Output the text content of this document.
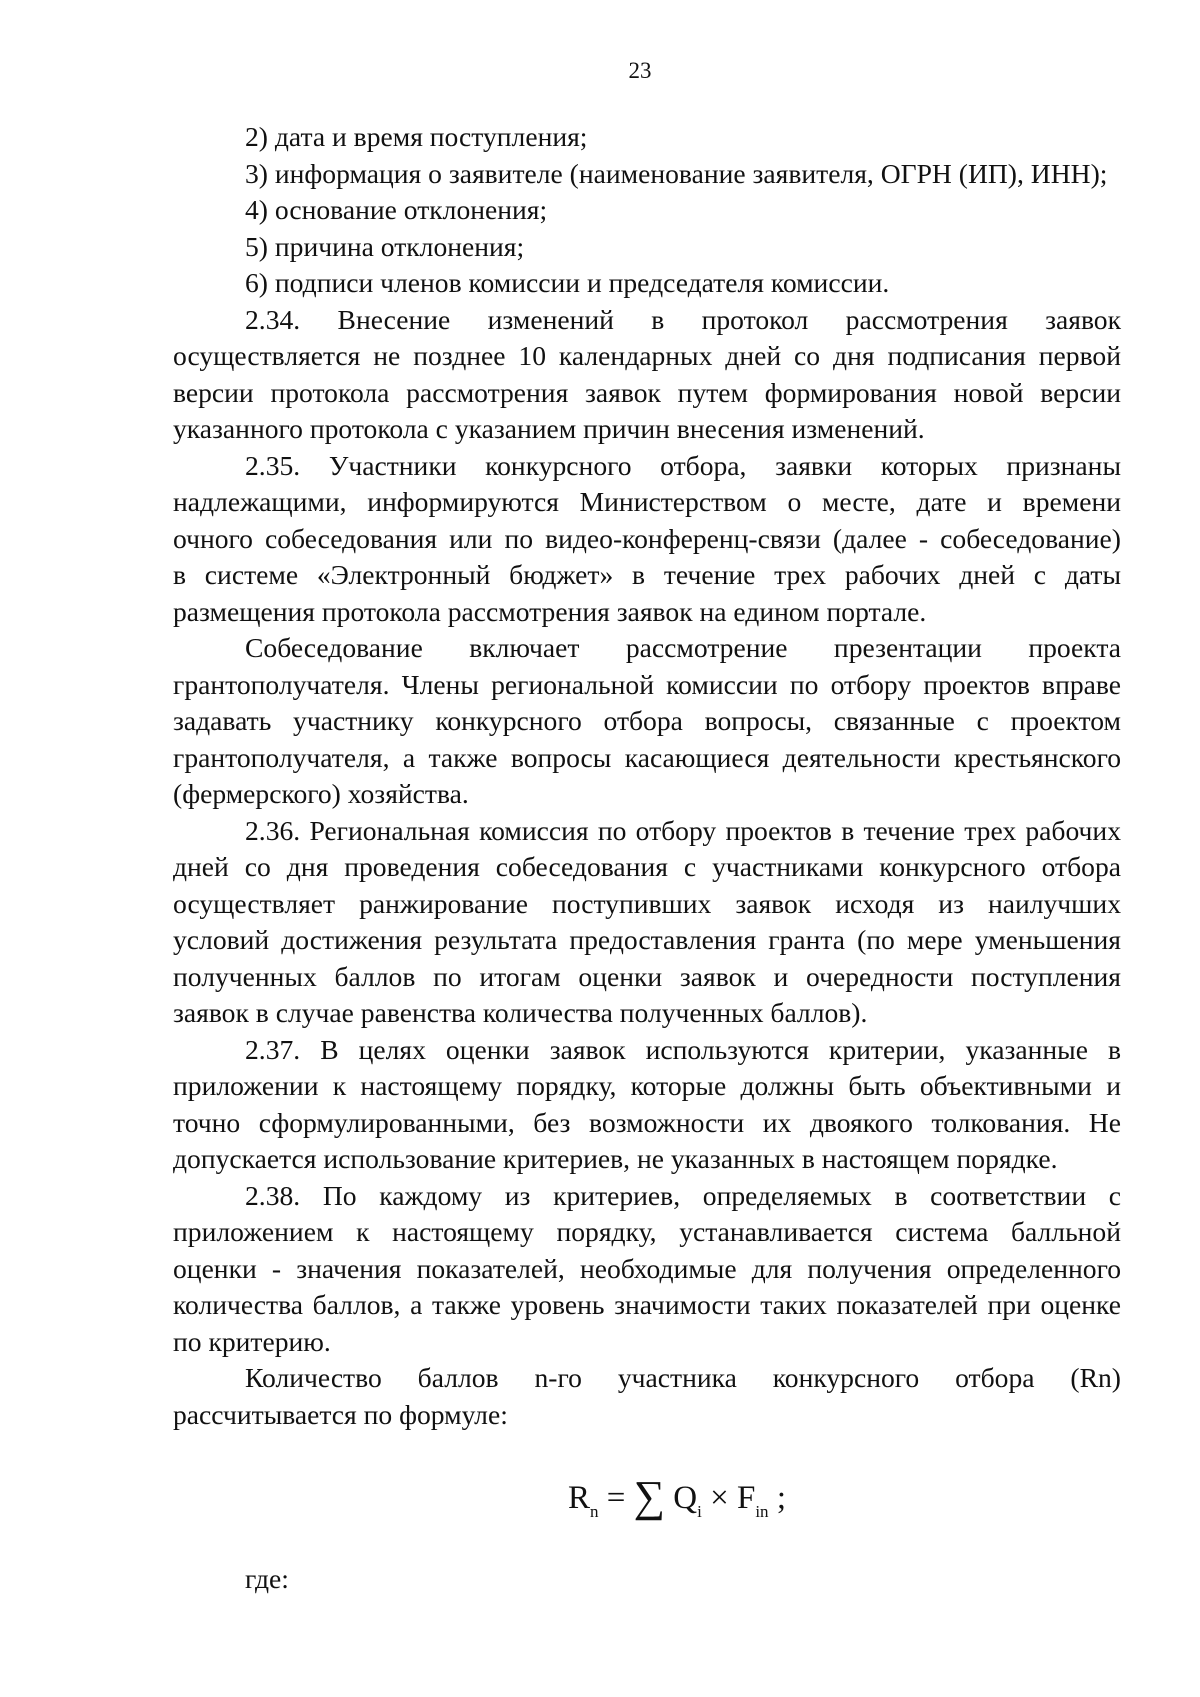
23

2) дата и время поступления;

3) информация о заявителе (наименование заявителя, ОГРН (ИП), ИНН);

4) основание отклонения;

5) причина отклонения;

6) подписи членов комиссии и председателя комиссии.

2.34. Внесение изменений в протокол рассмотрения заявок

осуществляется не позднее 10 календарных дней со дня подписания первой

версии протокола рассмотрения заявок путем формирования новой версии

указанного протокола с указанием причин внесения изменений.

2.35. Участники конкурсного отбора, заявки которых признаны

надлежащими, информируются Министерством о месте, дате и времени

очного собеседования или по видео-конференц-связи (далее - собеседование)

в системе «Электронный бюджет» в течение трех рабочих дней с даты

размещения протокола рассмотрения заявок на едином портале.

Собеседование включает рассмотрение презентации проекта

грантополучателя. Члены региональной комиссии по отбору проектов вправе

задавать участнику конкурсного отбора вопросы, связанные с проектом

грантополучателя, а также вопросы касающиеся деятельности крестьянского

(фермерского) хозяйства.

2.36. Региональная комиссия по отбору проектов в течение трех рабочих

дней со дня проведения собеседования с участниками конкурсного отбора

осуществляет ранжирование поступивших заявок исходя из наилучших

условий достижения результата предоставления гранта (по мере уменьшения

полученных баллов по итогам оценки заявок и очередности поступления

заявок в случае равенства количества полученных баллов).

2.37. В целях оценки заявок используются критерии, указанные в

приложении к настоящему порядку, которые должны быть объективными и

точно сформулированными, без возможности их двоякого толкования. Не

допускается использование критериев, не указанных в настоящем порядке.

2.38. По каждому из критериев, определяемых в соответствии с

приложением к настоящему порядку, устанавливается система балльной

оценки - значения показателей, необходимые для получения определенного

количества баллов, а также уровень значимости таких показателей при оценке

по критерию.

Количество баллов n-го участника конкурсного отбора (Rn)

рассчитывается по формуле:

$R_n$ = ∑ $Q_i \times F_{in}$ ;
где:
